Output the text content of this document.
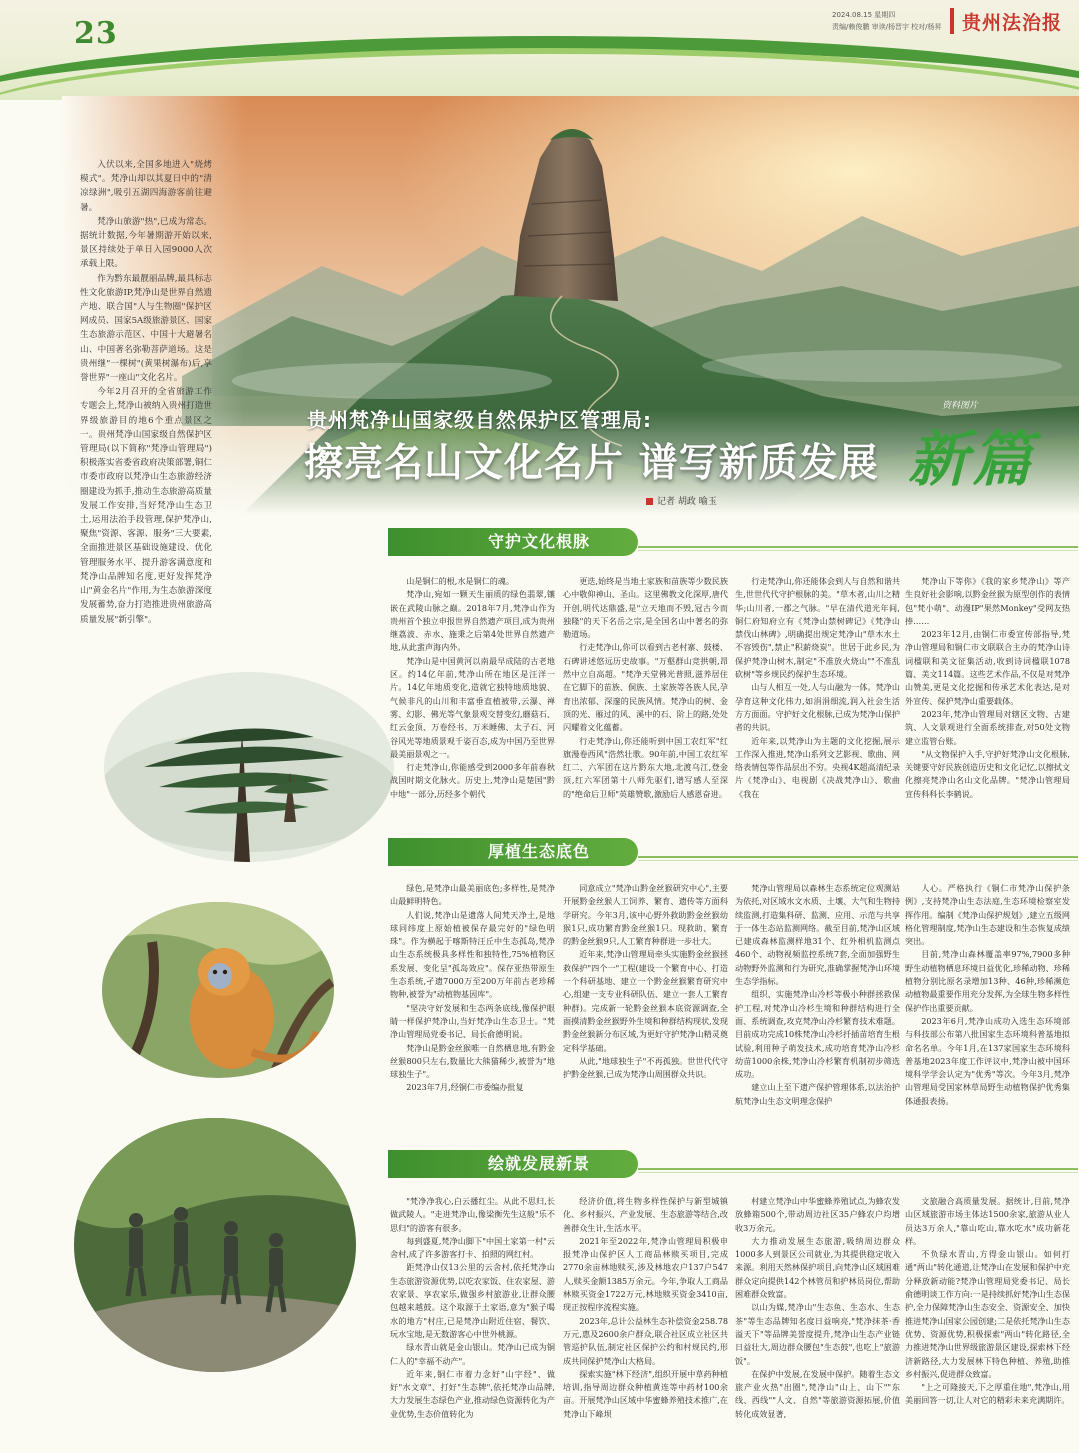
23
2024.08.15 星期四
责编/赖俊鹏 审读/杨晋宇 校对/杨昇 贵州法治报
资料图片
贵州梵净山国家级自然保护区管理局:
擦亮名山文化名片 谱写新质发展 新篇
记者 胡政 喻玉

入伏以来,全国多地进入"烧烤模式"。梵净山却以其夏日中的"清凉绿洲",吸引五湖四海游客前往避暑。

梵净山旅游"热",已成为常态。据统计数据,今年暑期游开始以来,景区持续处于单日入园9000人次承载上限。

作为黔东最靓丽品牌,最具标志性文化旅游IP,梵净山是世界自然遗产地、联合国"人与生物圈"保护区网成员、国家5A级旅游景区、国家生态旅游示范区、中国十大避暑名山、中国著名弥勒菩萨道场。这是贵州继"一棵树"(黄果树瀑布)后,享誉世界"一座山"文化名片。

今年2月召开的全省旅游工作专题会上,梵净山被纳入贵州打造世界级旅游目的地6个重点景区之一。贵州梵净山国家级自然保护区管理局(以下简称"梵净山管理局")积极落实省委省政府决策部署,铜仁市委市政府以梵净山生态旅游经济圈建设为抓手,推动生态旅游高质量发展工作安排,当好梵净山生态卫士,运用法治手段管理,保护梵净山,聚焦"资源、客源、服务"三大要素,全面推进景区基础设施建设、优化管理服务水平、提升游客满意度和梵净山品牌知名度,更好发挥梵净山"黄金名片"作用,为生态旅游深度发展蓄势,奋力打造推进贵州旅游高质量发展"新引擎"。

守护文化根脉

山是铜仁的根,水是铜仁的魂。

梵净山,宛如一颗天生丽质的绿色翡翠,镶嵌在武陵山脉之巅。2018年7月,梵净山作为贵州首个独立申报世界自然遗产项目,成为贵州继荔波、赤水、施秉之后第4处世界自然遗产地,从此蜚声海内外。

梵净山是中国黄河以南最早成陆的古老地区。约14亿年前,梵净山所在地区是汪洋一片。14亿年地质变化,造就它独特地质地貌、气候非凡的山川和丰富垂直植被带,云瀑、禅雾、幻影、佛光等气象景观交替变幻,蘑菇石、红云金顶、万卷经书、万米睡佛、太子石、河谷风光等地质景观千姿百态,成为中国乃至世界最美丽景观之一。

行走梵净山,你能感受到2000多年前春秋战国时期文化脉火。历史上,梵净山是楚国"黔中地"一部分,历经多个朝代

更迭,始终是当地土家族和苗族等少数民族心中敬仰神山、圣山。这里佛教文化深厚,唐代开创,明代达鼎盛,是"立天地而不毁,冠古今而独隆"的天下名岳之宗,是全国名山中著名的弥勒道场。

行走梵净山,你可以看到古老村寨、鼓楼、石碑讲述悠远历史故事。"万壑群山竞拱朝,昂然中立自高超。"梵净天堂佛光普照,滋养居住在它脚下的苗族、侗族、土家族等各族人民,孕育出浓郁、深邃的民族风情。梵净山的树、金顶的光、雁过的风、溪中的石、阶上的路,处处闪耀着文化蕴蓄。

行走梵净山,你还能听到中国工农红军"红旗漫卷西风"浩然壮歌。90年前,中国工农红军红二、六军团在这片黔东大地,北渡乌江,登金顶,红六军团第十八师先驱们,谱写感人至深的"绝命后卫师"英雄赞歌,激励后人感恩奋进。

行走梵净山,你还能体会到人与自然和谐共生,世世代代守护根脉的美。"草木者,山川之精华;山川者,一郡之气脉。"早在清代道光年间,铜仁府知府立有《梵净山禁树碑记》《梵净山禁伐山林碑》,明确提出规定梵净山"草木水土不容毁伤",禁止"积薪烧炭"。世居于此乡民,为保护梵净山树木,制定"不准放火烧山""不准乱砍树"等乡规民约保护生态环境。

山与人相互一处,人与山融为一体。梵净山孕育这种文化伟力,如涓涓细流,润入社会生活方方面面。守护好文化根脉,已成为梵净山保护者的共识。

近年来,以梵净山为主题的文化挖掘,展示工作深入推进,梵净山系列文艺影视、歌曲、网络表情包等作品层出不穷。央视4K超高清纪录片《梵净山》、电视剧《决战梵净山》、歌曲《我在

梵净山下等你》《我的家乡梵净山》等产生良好社会影响,以黔金丝猴为原型创作的表情包"梵小萌"、动漫IP"果然Monkey"受网友热捧……

2023年12月,由铜仁市委宣传部指导,梵净山管理局和铜仁市文联联合主办的梵净山诗词楹联和美文征集活动,收到诗词楹联1078篇、美文114篇。这些艺术作品,不仅是对梵净山赞美,更是文化挖掘和传承艺术化表达,是对外宣传、保护梵净山重要载体。

2023年,梵净山管理局对辖区文物、古建筑、人文景观进行全面系统排查,对50处文物建立监管台账。

"从文物保护入手,守护好梵净山文化根脉,关键要守好民族创造历史和文化记忆,以擦拭文化擦亮梵净山名山文化品牌。"梵净山管理局宣传科科长李鹤说。

厚植生态底色

绿色,是梵净山最美丽底色;多样性,是梵净山最鲜明特色。

人们说,梵净山是遗落人间梵天净土,是地球同纬度上原始植被保存最完好的"绿色明珠"。作为横起于喀斯特汪丘中生态孤岛,梵净山生态系统极具多样性和独特性,75%植物区系发展、变化呈"孤岛效应"。保存亚热带原生生态系统,孑遗7000万至200万年前古老珍稀物种,被誉为"动植物基因库"。

"坚决守好发展和生态两条底线,像保护眼睛一样保护梵净山,当好梵净山生态卫士。"梵净山管理局党委书记、局长俞德明说。

梵净山是黔金丝猴唯一自然栖息地,有黔金丝猴800只左右,数量比大熊猫稀少,被誉为"地球独生子"。

2023年7月,经铜仁市委编办批复

同意成立"梵净山黔金丝猴研究中心",主要开展黔金丝猴人工饲养、繁育、遗传等方面科学研究。今年3月,该中心野外救助黔金丝猴幼猴1只,成功繁育黔金丝猴1只。现救助、繁育的黔金丝猴9只,人工繁育种群进一步壮大。

近年来,梵净山管理局牵头实施黔金丝猴拯救保护"四个一"工程(建设一个繁育中心、打造一个科研基地、建立一个黔金丝猴繁育研究中心,组建一支专业科研队伍、建立一套人工繁育种群)。完成新一轮黔金丝猴本底资源调查,全面摸清黔金丝猴野外生境和种群结构现状,发现黔金丝猴新分布区域,为更好守护梵净山精灵奠定科学基础。

从此,"地球独生子"不再孤独。世世代代守护黔金丝猴,已成为梵净山周围群众共识。

梵净山管理局以森林生态系统定位观测站为依托,对区域水文水质、土壤、大气和生物持续监测,打造集科研、监测、应用、示范与共享于一体生态站监测网络。截至目前,梵净山区域已建成森林监测样地31个、红外相机监测点460个、动物视频监控系统7套,全面加强野生动物野外监测和行为研究,准确掌握梵净山环境生态学指标。

组织、实施梵净山冷杉等极小种群拯救保护工程,对梵净山冷杉生境和种群结构进行全面、系统调查,攻克梵净山冷杉繁育技术难题。目前成功完成10株梵净山冷杉扦插苗培育生根试验,利用种子萌发技术,成功培育梵净山冷杉幼苗1000余株,梵净山冷杉繁育机制初步筛选成功。

建立山上至下遗产保护管理体系,以法治护航梵净山生态文明理念保护

人心。严格执行《铜仁市梵净山保护条例》,支持梵净山生态法庭,生态环境检察室发挥作用。编制《梵净山保护规划》,建立五级网格化管理制度,梵净山生态建设和生态恢复成绩突出。

目前,梵净山森林覆盖率97%,7900多种野生动植物栖息环境日益优化,珍稀动物、珍稀植物分别比原名录增加13种、46种,珍稀濒危动植物最重要作用充分发挥,为全球生物多样性保护作出重要贡献。

2023年6月,梵净山成功入选生态环境部与科技部公布第八批国家生态环境科普基地拟命名名单。今年1月,在137家国家生态环境科普基地2023年度工作评议中,梵净山被中国环境科学学会认定为"优秀"等次。今年3月,梵净山管理局受国家林草局野生动植物保护优秀集体通报表扬。

绘就发展新景

"梵净净我心,白云播红尘。从此不思归,长做武陵人。"走进梵净山,像梁衡先生这般"乐不思归"的游客有很多。

每到盛夏,梵净山脚下"中国土家第一村"云舍村,成了许多游客打卡、拍照的网红村。

距梵净山仅13公里的云舍村,依托梵净山生态旅游资源优势,以吃农家饭、住农家屋、游农家景、享农家乐,做强乡村旅游业,让群众腰包越来越鼓。这个取源于土家语,意为"猴子喝水的地方"村庄,已是梵净山附近住宿、餐饮、玩水宝地,是无数游客心中世外桃源。

绿水青山就是金山银山。梵净山已成为铜仁人的"幸福不动产"。

近年来,铜仁市着力念好"山字经"、做好"水文章"、打好"生态牌",依托梵净山品牌,大力发展生态绿色产业,推动绿色资源转化为产业优势,生态价值转化为

经济价值,将生物多样性保护与新型城镇化、乡村振兴、产业发展、生态旅游等结合,改善群众生计,生活水平。

2021年至2022年,梵净山管理局积极申报梵净山保护区人工商品林赎买项目,完成2770余亩林地赎买,涉及林地农户137户547人,赎买金额1385万余元。今年,争取人工商品林赎买资金1722万元,林地赎买资金3410亩,现正按程序流程实施。

2023年,总计公益林生态补偿资金258.78万元,惠及2600余户群众,联合社区成立社区共管巡护队伍,制定社区保护公约和村规民约,形成共同保护梵净山大格局。

探索实施"林下经济",组织开展中草药种植培训,指导周边群众种植黄连等中药材100余亩。开展梵净山区域中华蜜蜂养殖技术推广,在梵净山下峰坝

村建立梵净山中华蜜蜂养殖试点,为蜂农发放蜂箱500个,带动周边社区35户蜂农户均增收3万余元。

大力推动发展生态旅游,吸纳周边群众1000多人到景区公司就业,为其提供稳定收入来源。利用天然林保护项目,向梵净山区域困难群众定向提供142个林管员和护林员岗位,帮助困难群众致富。

以山为媒,梵净山"生态鱼、生态水、生态茶"等生态品牌知名度日益响亮,"梵净抹茶·香溢天下"等品牌美誉度提升,梵净山生态产业链日益壮大,周边群众腰包"生态鼓",也吃上"旅游饭"。

在保护中发展,在发展中保护。随着生态文旅产业火热"出圈",梵净山"山上、山下""东线、西线""人文、自然"等旅游资源拓展,价值转化成效显著,

文旅融合高质量发展。据统计,目前,梵净山区域旅游市场主体达1500余家,旅游从业人员达3万余人,"靠山吃山,靠水吃水"成功新花样。

不负绿水青山,方得金山银山。如何打通"两山"转化通道,让梵净山在发展和保护中充分释放新动能?梵净山管理局党委书记、局长俞德明谈工作方向:一是持续抓好梵净山生态保护,全力保障梵净山生态安全、资源安全、加快推进梵净山国家公园创建;二是依托梵净山生态优势、资源优势,积极探索"两山"转化路径,全力推进梵净山世界级旅游景区建设,探索林下经济新路径,大力发展林下特色种植、养殖,助推乡村振兴,促进群众致富。

"上之可隆接天,下之厚重住地",梵净山,用美丽回答一切,让人对它的精彩未来充满期许。
